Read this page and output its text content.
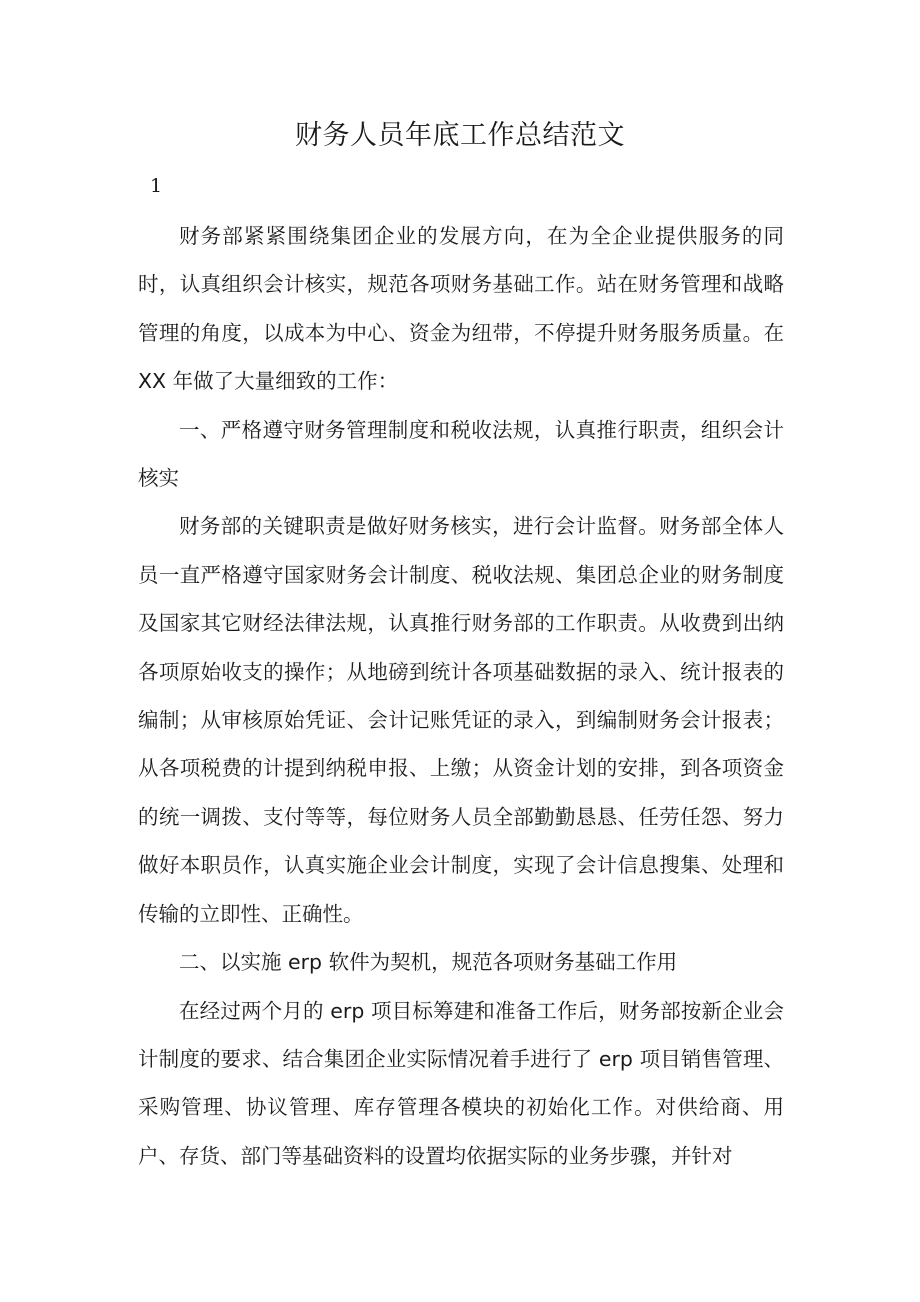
财务人员年底工作总结范文
1

财务部紧紧围绕集团企业的发展方向，在为全企业提供服务的同时，认真组织会计核实，规范各项财务基础工作。站在财务管理和战略管理的角度，以成本为中心、资金为纽带，不停提升财务服务质量。在 XX 年做了大量细致的工作：

一、严格遵守财务管理制度和税收法规，认真推行职责，组织会计核实

财务部的关键职责是做好财务核实，进行会计监督。财务部全体人员一直严格遵守国家财务会计制度、税收法规、集团总企业的财务制度及国家其它财经法律法规，认真推行财务部的工作职责。从收费到出纳各项原始收支的操作；从地磅到统计各项基础数据的录入、统计报表的编制；从审核原始凭证、会计记账凭证的录入，到编制财务会计报表；从各项税费的计提到纳税申报、上缴；从资金计划的安排，到各项资金的统一调拨、支付等等，每位财务人员全部勤勤恳恳、任劳任怨、努力做好本职员作，认真实施企业会计制度，实现了会计信息搜集、处理和传输的立即性、正确性。

二、以实施 erp 软件为契机，规范各项财务基础工作用

在经过两个月的 erp 项目标筹建和准备工作后，财务部按新企业会计制度的要求、结合集团企业实际情况着手进行了 erp 项目销售管理、采购管理、协议管理、库存管理各模块的初始化工作。对供给商、用户、存货、部门等基础资料的设置均依据实际的业务步骤，并针对
